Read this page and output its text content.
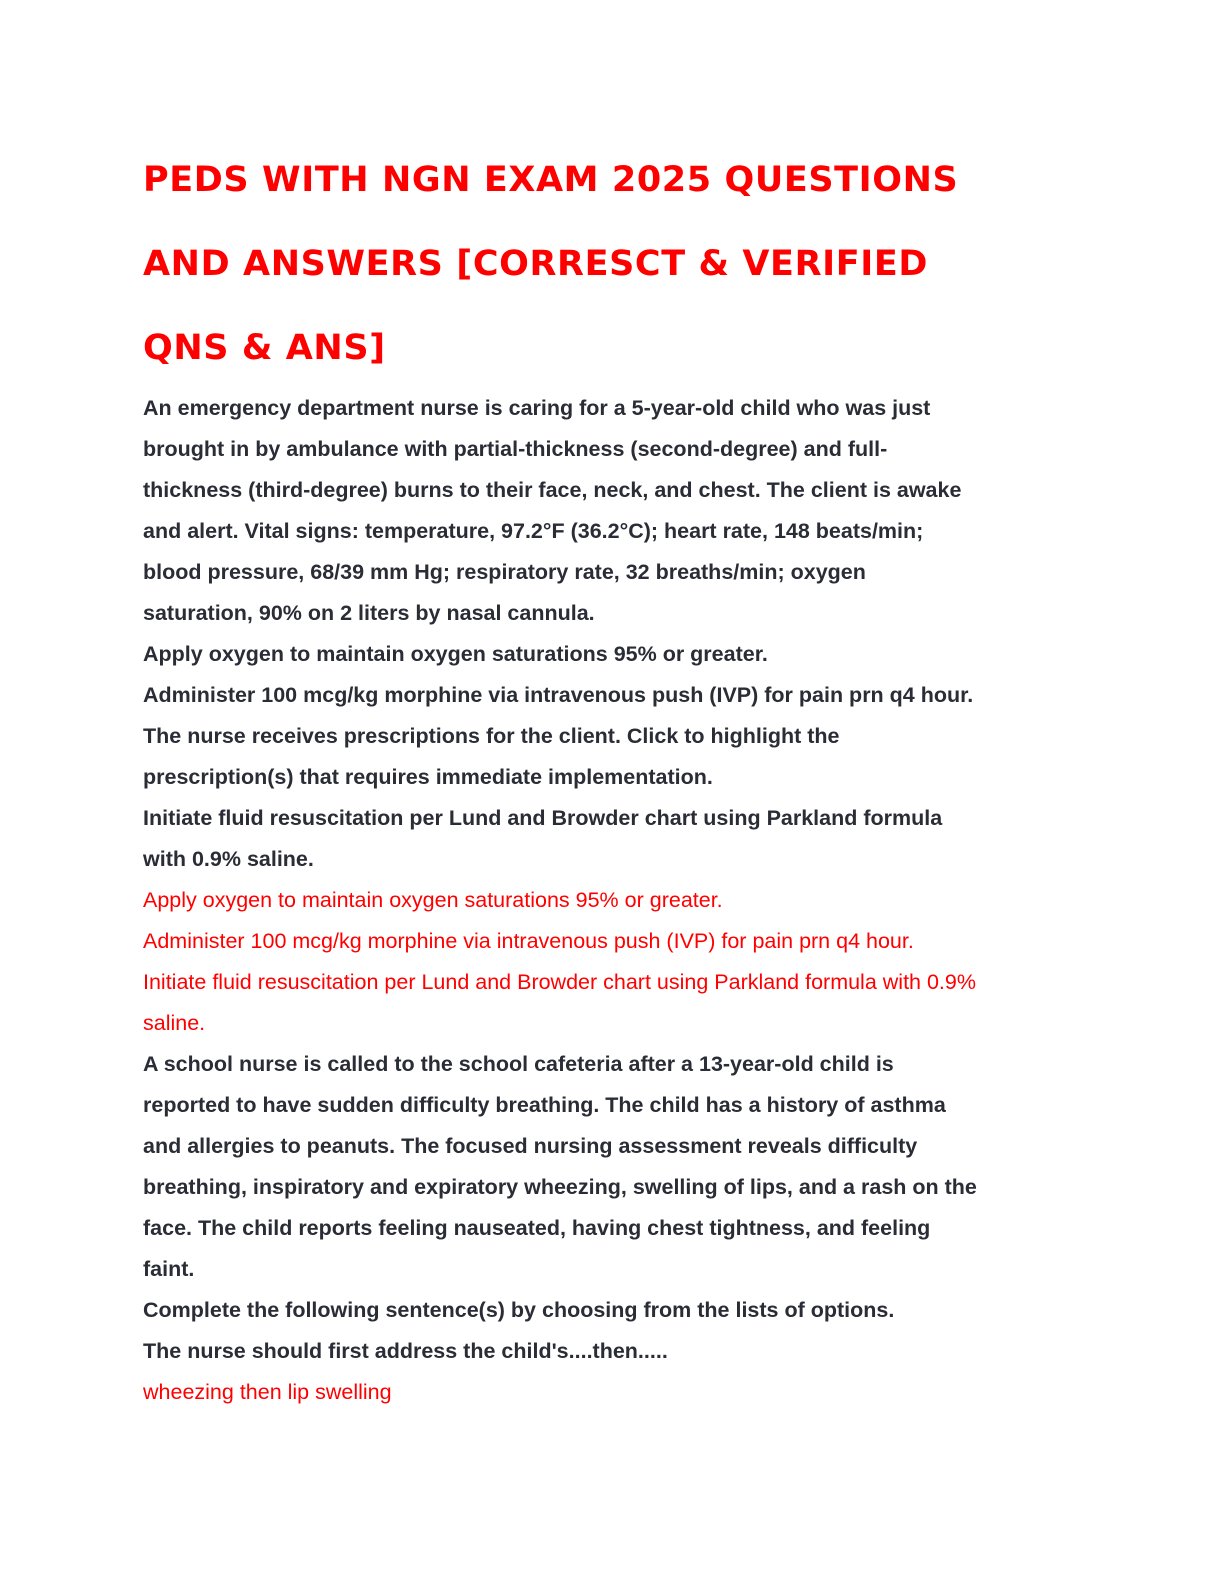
PEDS WITH NGN EXAM 2025 QUESTIONS
AND ANSWERS [CORRESCT & VERIFIED
QNS & ANS]

An emergency department nurse is caring for a 5-year-old child who was just

brought in by ambulance with partial-thickness (second-degree) and full-

thickness (third-degree) burns to their face, neck, and chest. The client is awake

and alert. Vital signs: temperature, 97.2°F (36.2°C); heart rate, 148 beats/min;

blood pressure, 68/39 mm Hg; respiratory rate, 32 breaths/min; oxygen

saturation, 90% on 2 liters by nasal cannula.

Apply oxygen to maintain oxygen saturations 95% or greater.

Administer 100 mcg/kg morphine via intravenous push (IVP) for pain prn q4 hour.

The nurse receives prescriptions for the client. Click to highlight the

prescription(s) that requires immediate implementation.

Initiate fluid resuscitation per Lund and Browder chart using Parkland formula

with 0.9% saline.

Apply oxygen to maintain oxygen saturations 95% or greater.

Administer 100 mcg/kg morphine via intravenous push (IVP) for pain prn q4 hour.

Initiate fluid resuscitation per Lund and Browder chart using Parkland formula with 0.9%

saline.

A school nurse is called to the school cafeteria after a 13-year-old child is

reported to have sudden difficulty breathing. The child has a history of asthma

and allergies to peanuts. The focused nursing assessment reveals difficulty

breathing, inspiratory and expiratory wheezing, swelling of lips, and a rash on the

face. The child reports feeling nauseated, having chest tightness, and feeling

faint.

Complete the following sentence(s) by choosing from the lists of options.

The nurse should first address the child's....then.....

wheezing then lip swelling
